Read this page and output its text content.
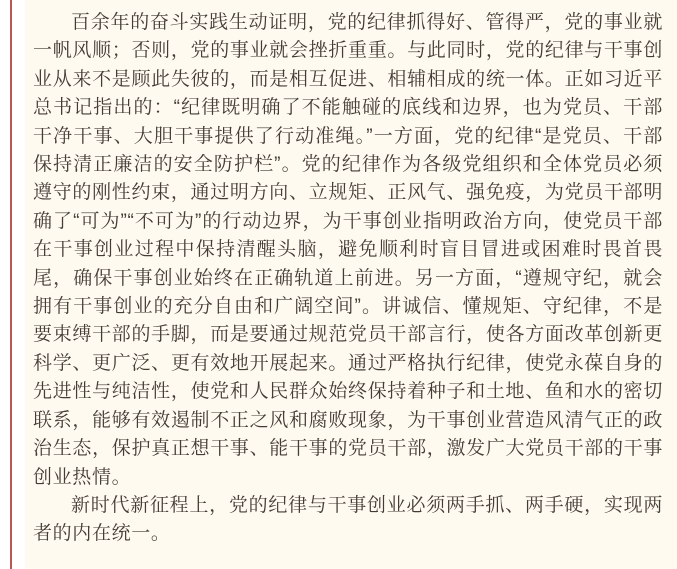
百余年的奋斗实践生动证明，党的纪律抓得好、管得严，党的事业就一帆风顺；否则，党的事业就会挫折重重。与此同时，党的纪律与干事创业从来不是顾此失彼的，而是相互促进、相辅相成的统一体。正如习近平总书记指出的：“纪律既明确了不能触碰的底线和边界，也为党员、干部干净干事、大胆干事提供了行动准绳。”一方面，党的纪律“是党员、干部保持清正廉洁的安全防护栏”。党的纪律作为各级党组织和全体党员必须遵守的刚性约束，通过明方向、立规矩、正风气、强免疫，为党员干部明确了“可为”“不可为”的行动边界，为干事创业指明政治方向，使党员干部在干事创业过程中保持清醒头脑，避免顺利时盲目冒进或困难时畏首畏尾，确保干事创业始终在正确轨道上前进。另一方面，“遵规守纪，就会拥有干事创业的充分自由和广阔空间”。讲诚信、懂规矩、守纪律，不是要束缚干部的手脚，而是要通过规范党员干部言行，使各方面改革创新更科学、更广泛、更有效地开展起来。通过严格执行纪律，使党永葆自身的先进性与纯洁性，使党和人民群众始终保持着种子和土地、鱼和水的密切联系，能够有效遏制不正之风和腐败现象，为干事创业营造风清气正的政治生态，保护真正想干事、能干事的党员干部，激发广大党员干部的干事创业热情。

新时代新征程上，党的纪律与干事创业必须两手抓、两手硬，实现两者的内在统一。
